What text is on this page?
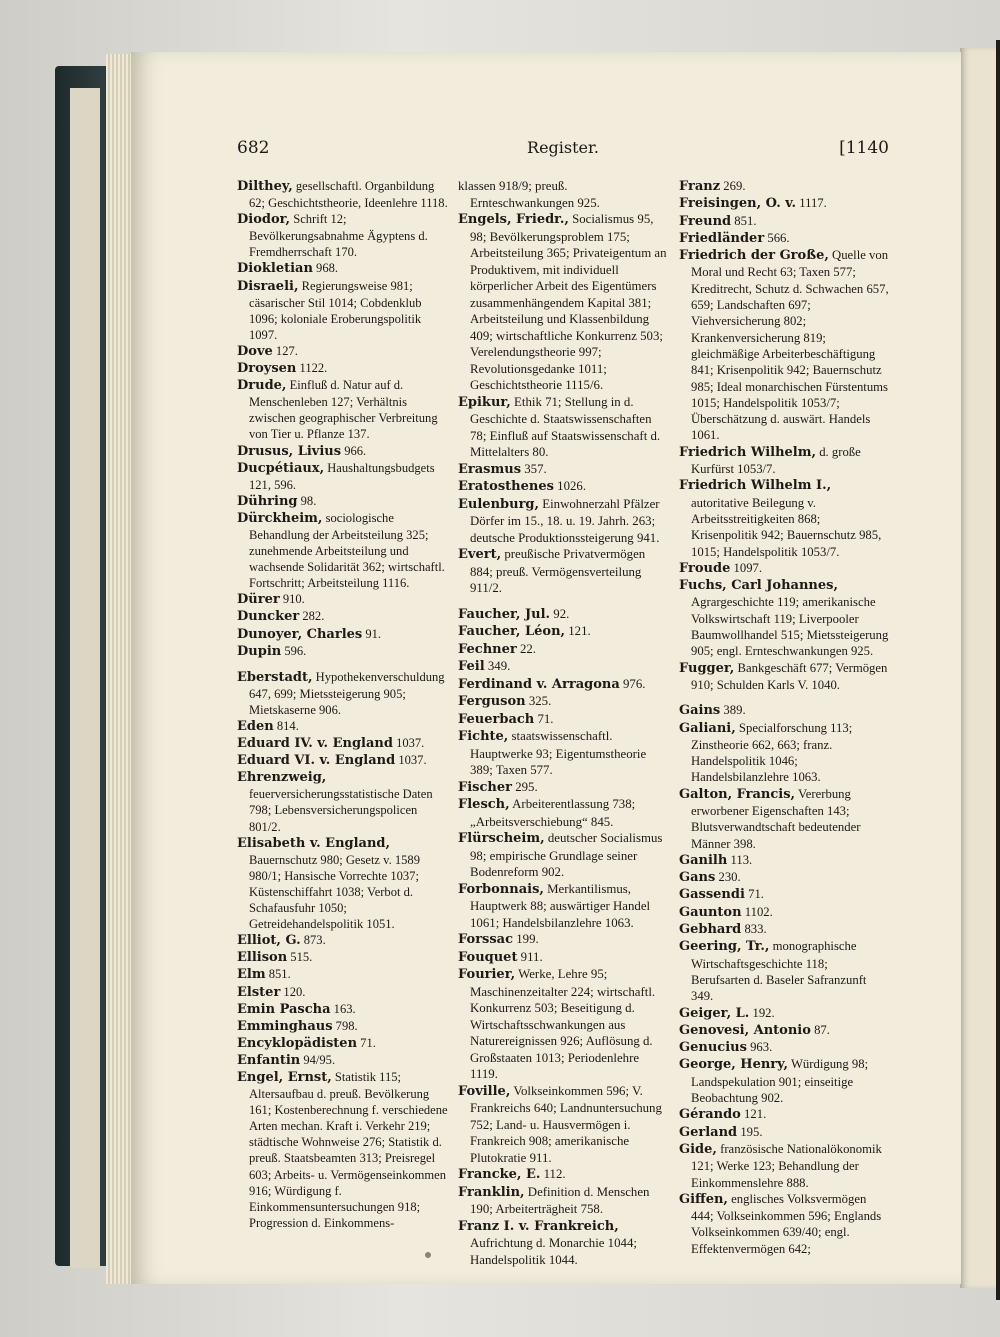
Register.
682	[1140

Dilthey, gesellschaftl. Organbildung 62; Geschichtstheorie, Ideenlehre 1118.

Diodor, Schrift 12; Bevölkerungsabnahme Ägyptens d. Fremdherrschaft 170.

Diokletian 968.

Disraeli, Regierungsweise 981; cäsarischer Stil 1014; Cobdenklub 1096; koloniale Eroberungspolitik 1097.

Dove 127.

Droysen 1122.

Drude, Einfluß d. Natur auf d. Menschenleben 127; Verhältnis zwischen geographischer Verbreitung von Tier u. Pflanze 137.

Drusus, Livius 966.

Ducpétiaux, Haushaltungsbudgets 121, 596.

Dühring 98.

Dürckheim, sociologische Behandlung der Arbeitsteilung 325; zunehmende Arbeitsteilung und wachsende Solidarität 362; wirtschaftl. Fortschritt; Arbeitsteilung 1116.

Dürer 910.

Duncker 282.

Dunoyer, Charles 91.

Dupin 596.

Eberstadt, Hypothekenverschuldung 647, 699; Mietssteigerung 905; Mietskaserne 906.

Eden 814.

Eduard IV. v. England 1037.

Eduard VI. v. England 1037.

Ehrenzweig, feuerversicherungsstatistische Daten 798; Lebensversicherungspolicen 801/2.

Elisabeth v. England, Bauernschutz 980; Gesetz v. 1589 980/1; Hansische Vorrechte 1037; Küstenschiffahrt 1038; Verbot d. Schafausfuhr 1050; Getreidehandelspolitik 1051.

Elliot, G. 873.

Ellison 515.

Elm 851.

Elster 120.

Emin Pascha 163.

Emminghaus 798.

Encyklopädisten 71.

Enfantin 94/95.

Engel, Ernst, Statistik 115; Altersaufbau d. preuß. Bevölkerung 161; Kostenberechnung f. verschiedene Arten mechan. Kraft i. Verkehr 219; städtische Wohnweise 276; Statistik d. preuß. Staatsbeamten 313; Preisregel 603; Arbeits- u. Vermögenseinkommen 916; Würdigung f. Einkommensuntersuchungen 918; Progression d. Einkommens-

klassen 918/9; preuß. Ernteschwankungen 925.

Engels, Friedr., Socialismus 95, 98; Bevölkerungsproblem 175; Arbeitsteilung 365; Privateigentum an Produktivem, mit individuell körperlicher Arbeit des Eigentümers zusammenhängendem Kapital 381; Arbeitsteilung und Klassenbildung 409; wirtschaftliche Konkurrenz 503; Verelendungstheorie 997; Revolutionsgedanke 1011; Geschichtstheorie 1115/6.

Epikur, Ethik 71; Stellung in d. Geschichte d. Staatswissenschaften 78; Einfluß auf Staatswissenschaft d. Mittelalters 80.

Erasmus 357.

Eratosthenes 1026.

Eulenburg, Einwohnerzahl Pfälzer Dörfer im 15., 18. u. 19. Jahrh. 263; deutsche Produktionssteigerung 941.

Evert, preußische Privatvermögen 884; preuß. Vermögensverteilung 911/2.

Faucher, Jul. 92.

Faucher, Léon, 121.

Fechner 22.

Feil 349.

Ferdinand v. Arragona 976.

Ferguson 325.

Feuerbach 71.

Fichte, staatswissenschaftl. Hauptwerke 93; Eigentumstheorie 389; Taxen 577.

Fischer 295.

Flesch, Arbeiterentlassung 738; „Arbeitsverschiebung“ 845.

Flürscheim, deutscher Socialismus 98; empirische Grundlage seiner Bodenreform 902.

Forbonnais, Merkantilismus, Hauptwerk 88; auswärtiger Handel 1061; Handelsbilanzlehre 1063.

Forssac 199.

Fouquet 911.

Fourier, Werke, Lehre 95; Maschinenzeitalter 224; wirtschaftl. Konkurrenz 503; Beseitigung d. Wirtschaftsschwankungen aus Naturereignissen 926; Auflösung d. Großstaaten 1013; Periodenlehre 1119.

Foville, Volkseinkommen 596; V. Frankreichs 640; Landnuntersuchung 752; Land- u. Hausvermögen i. Frankreich 908; amerikanische Plutokratie 911.

Francke, E. 112.

Franklin, Definition d. Menschen 190; Arbeiterträgheit 758.

Franz I. v. Frankreich, Aufrichtung d. Monarchie 1044; Handelspolitik 1044.

Franz 269.

Freisingen, O. v. 1117.

Freund 851.

Friedländer 566.

Friedrich der Große, Quelle von Moral und Recht 63; Taxen 577; Kreditrecht, Schutz d. Schwachen 657, 659; Landschaften 697; Viehversicherung 802; Krankenversicherung 819; gleichmäßige Arbeiterbeschäftigung 841; Krisenpolitik 942; Bauernschutz 985; Ideal monarchischen Fürstentums 1015; Handelspolitik 1053/7; Überschätzung d. auswärt. Handels 1061.

Friedrich Wilhelm, d. große Kurfürst 1053/7.

Friedrich Wilhelm I., autoritative Beilegung v. Arbeitsstreitigkeiten 868; Krisenpolitik 942; Bauernschutz 985, 1015; Handelspolitik 1053/7.

Froude 1097.

Fuchs, Carl Johannes, Agrargeschichte 119; amerikanische Volkswirtschaft 119; Liverpooler Baumwollhandel 515; Mietssteigerung 905; engl. Ernteschwankungen 925.

Fugger, Bankgeschäft 677; Vermögen 910; Schulden Karls V. 1040.

Gains 389.

Galiani, Specialforschung 113; Zinstheorie 662, 663; franz. Handelspolitik 1046; Handelsbilanzlehre 1063.

Galton, Francis, Vererbung erworbener Eigenschaften 143; Blutsverwandtschaft bedeutender Männer 398.

Ganilh 113.

Gans 230.

Gassendi 71.

Gaunton 1102.

Gebhard 833.

Geering, Tr., monographische Wirtschaftsgeschichte 118; Berufsarten d. Baseler Safranzunft 349.

Geiger, L. 192.

Genovesi, Antonio 87.

Genucius 963.

George, Henry, Würdigung 98; Landspekulation 901; einseitige Beobachtung 902.

Gérando 121.

Gerland 195.

Gide, französische Nationalökonomik 121; Werke 123; Behandlung der Einkommenslehre 888.

Giffen, englisches Volksvermögen 444; Volkseinkommen 596; Englands Volkseinkommen 639/40; engl. Effektenvermögen 642;
